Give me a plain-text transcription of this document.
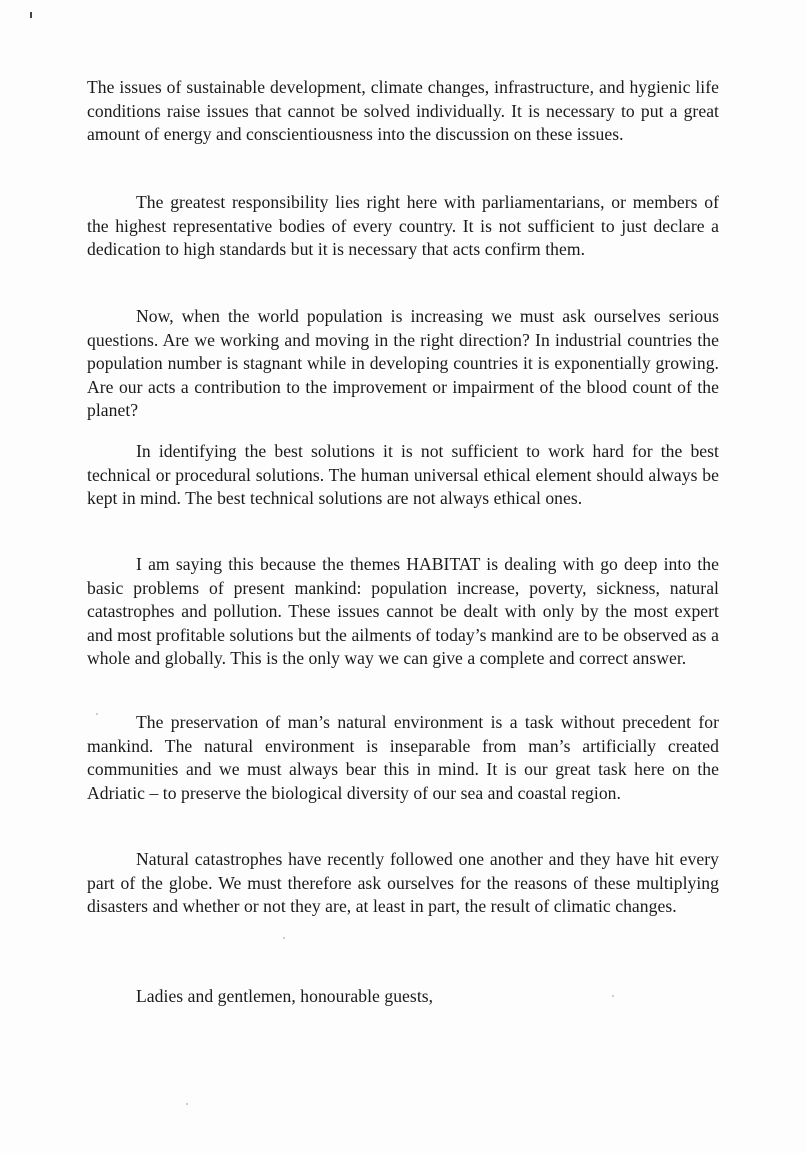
The issues of sustainable development, climate changes, infrastructure, and hygienic life conditions raise issues that cannot be solved individually. It is necessary to put a great amount of energy and conscientiousness into the discussion on these issues.

The greatest responsibility lies right here with parliamentarians, or members of the highest representative bodies of every country. It is not sufficient to just declare a dedication to high standards but it is necessary that acts confirm them.

Now, when the world population is increasing we must ask ourselves serious questions. Are we working and moving in the right direction? In industrial countries the population number is stagnant while in developing countries it is exponentially growing. Are our acts a contribution to the improvement or impairment of the blood count of the planet?

In identifying the best solutions it is not sufficient to work hard for the best technical or procedural solutions. The human universal ethical element should always be kept in mind. The best technical solutions are not always ethical ones.

I am saying this because the themes HABITAT is dealing with go deep into the basic problems of present mankind: population increase, poverty, sickness, natural catastrophes and pollution. These issues cannot be dealt with only by the most expert and most profitable solutions but the ailments of today’s mankind are to be observed as a whole and globally. This is the only way we can give a complete and correct answer.

The preservation of man’s natural environment is a task without precedent for mankind. The natural environment is inseparable from man’s artificially created communities and we must always bear this in mind. It is our great task here on the Adriatic – to preserve the biological diversity of our sea and coastal region.

Natural catastrophes have recently followed one another and they have hit every part of the globe. We must therefore ask ourselves for the reasons of these multiplying disasters and whether or not they are, at least in part, the result of climatic changes.

Ladies and gentlemen, honourable guests,
